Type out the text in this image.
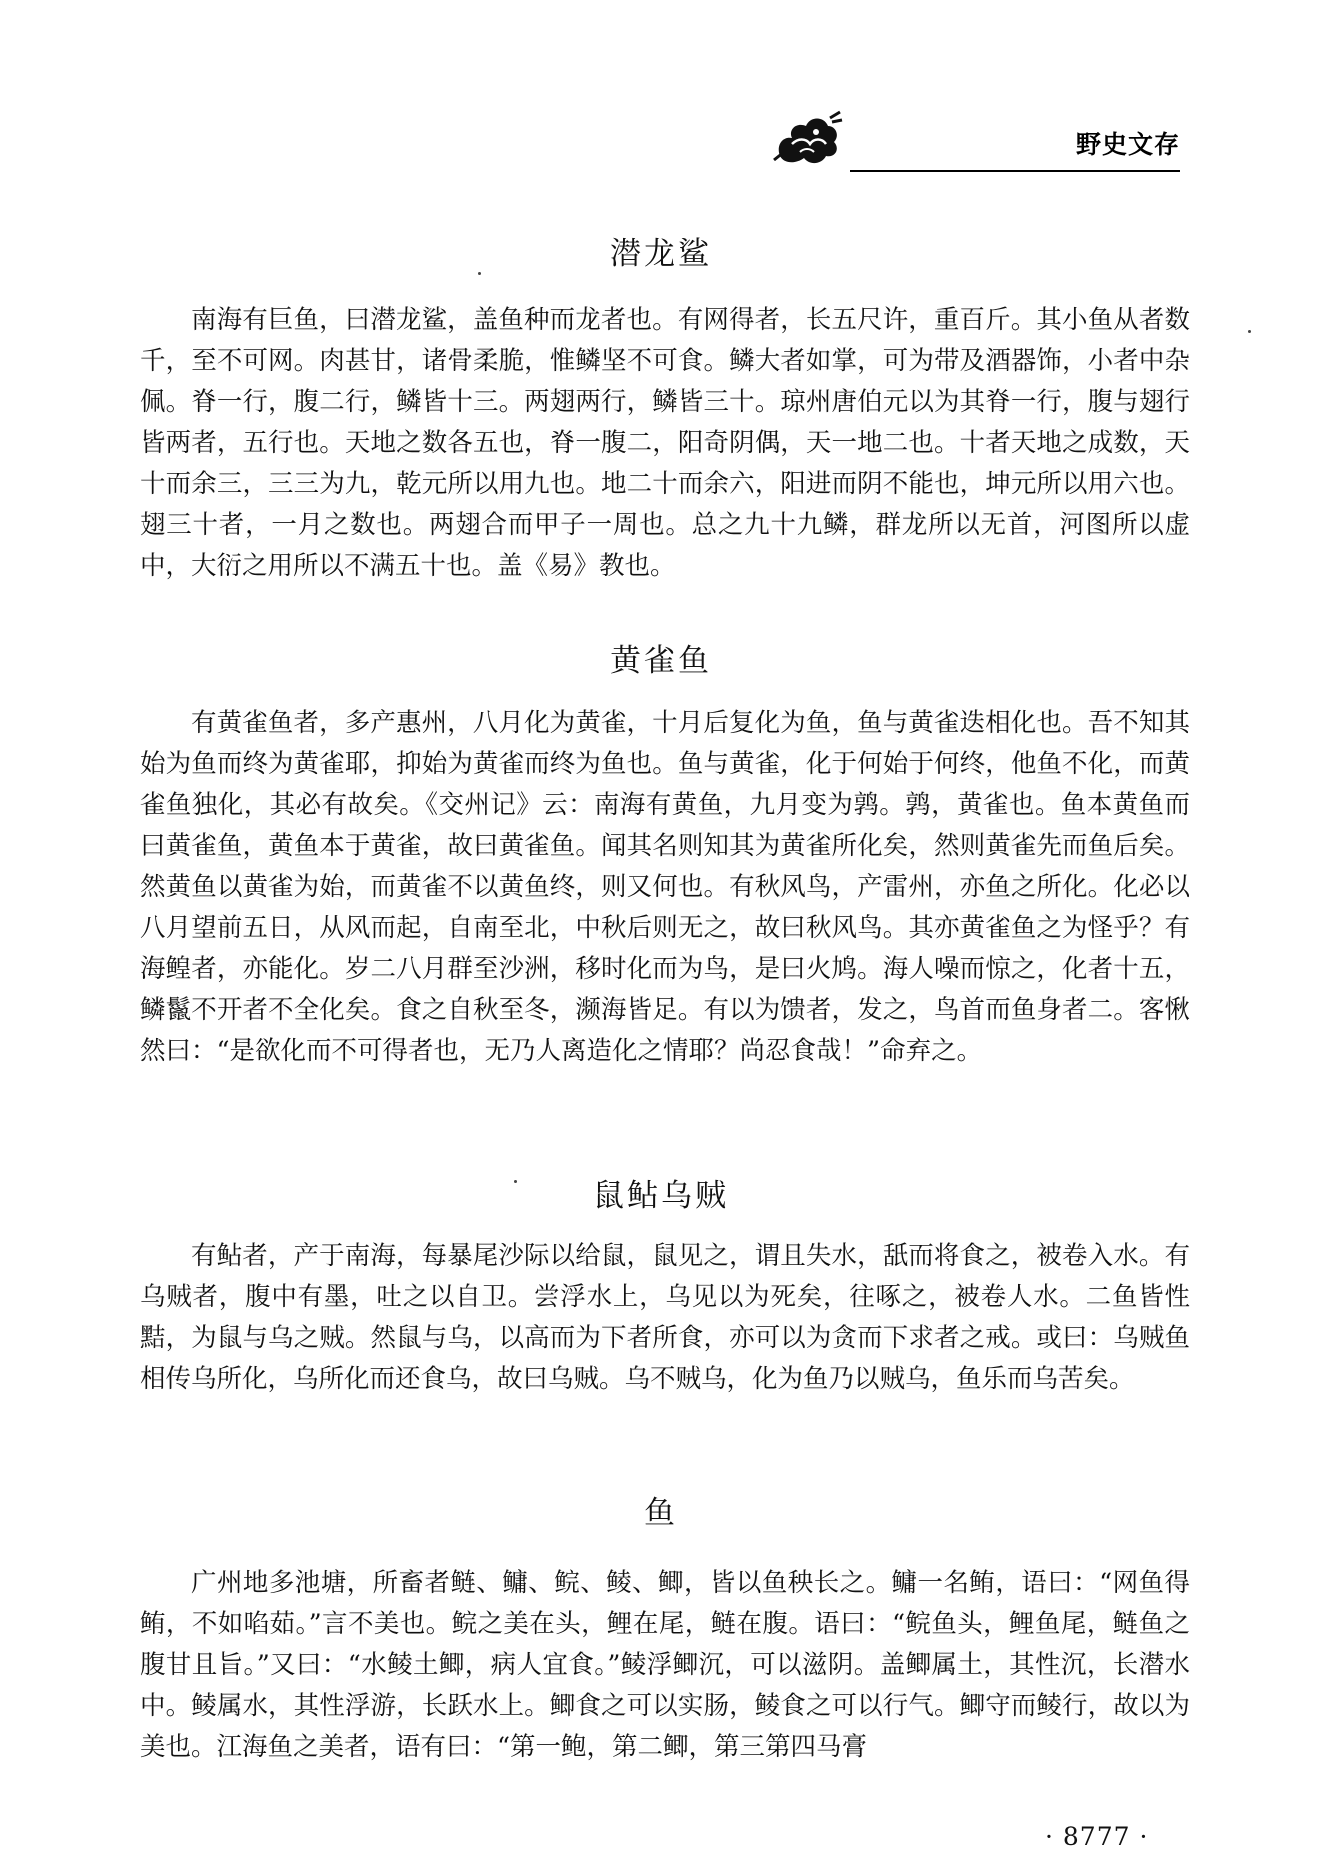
野史文存
潜龙鲨

南海有巨鱼，曰潜龙鲨，盖鱼种而龙者也。有网得者，长五尺许，重百斤。其小鱼从者数千，至不可网。肉甚甘，诸骨柔脆，惟鳞坚不可食。鳞大者如掌，可为带及酒器饰，小者中杂佩。脊一行，腹二行，鳞皆十三。两翅两行，鳞皆三十。琼州唐伯元以为其脊一行，腹与翅行皆两者，五行也。天地之数各五也，脊一腹二，阳奇阴偶，天一地二也。十者天地之成数，天十而余三，三三为九，乾元所以用九也。地二十而余六，阳进而阴不能也，坤元所以用六也。翅三十者，一月之数也。两翅合而甲子一周也。总之九十九鳞，群龙所以无首，河图所以虚中，大衍之用所以不满五十也。盖《易》教也。

黄雀鱼

有黄雀鱼者，多产惠州，八月化为黄雀，十月后复化为鱼，鱼与黄雀迭相化也。吾不知其始为鱼而终为黄雀耶，抑始为黄雀而终为鱼也。鱼与黄雀，化于何始于何终，他鱼不化，而黄雀鱼独化，其必有故矣。《交州记》云：南海有黄鱼，九月变为鹑。鹑，黄雀也。鱼本黄鱼而曰黄雀鱼，黄鱼本于黄雀，故曰黄雀鱼。闻其名则知其为黄雀所化矣，然则黄雀先而鱼后矣。然黄鱼以黄雀为始，而黄雀不以黄鱼终，则又何也。有秋风鸟，产雷州，亦鱼之所化。化必以八月望前五日，从风而起，自南至北，中秋后则无之，故曰秋风鸟。其亦黄雀鱼之为怪乎？有海鳇者，亦能化。岁二八月群至沙洲，移时化而为鸟，是曰火鸠。海人噪而惊之，化者十五，鳞鬣不开者不全化矣。食之自秋至冬，濒海皆足。有以为馈者，发之，鸟首而鱼身者二。客愀然曰：“是欲化而不可得者也，无乃人离造化之情耶？尚忍食哉！”命弃之。

鼠鲇乌贼

有鲇者，产于南海，每暴尾沙际以给鼠，鼠见之，谓且失水，舐而将食之，被卷入水。有乌贼者，腹中有墨，吐之以自卫。尝浮水上，乌见以为死矣，往啄之，被卷人水。二鱼皆性黠，为鼠与乌之贼。然鼠与乌，以高而为下者所食，亦可以为贪而下求者之戒。或曰：乌贼鱼相传乌所化，乌所化而还食乌，故曰乌贼。乌不贼乌，化为鱼乃以贼乌，鱼乐而乌苦矣。

鱼

广州地多池塘，所畜者鲢、鳙、鲩、鲮、鲫，皆以鱼秧长之。鳙一名鲔，语曰：“网鱼得鲔，不如啗茹。”言不美也。鲩之美在头，鲤在尾，鲢在腹。语曰：“鲩鱼头，鲤鱼尾，鲢鱼之腹甘且旨。”又曰：“水鲮土鲫，病人宜食。”鲮浮鲫沉，可以滋阴。盖鲫属土，其性沉，长潜水中。鲮属水，其性浮游，长跃水上。鲫食之可以实肠，鲮食之可以行气。鲫守而鲮行，故以为美也。江海鱼之美者，语有曰：“第一鲍，第二鲫，第三第四马膏

· 8777 ·
